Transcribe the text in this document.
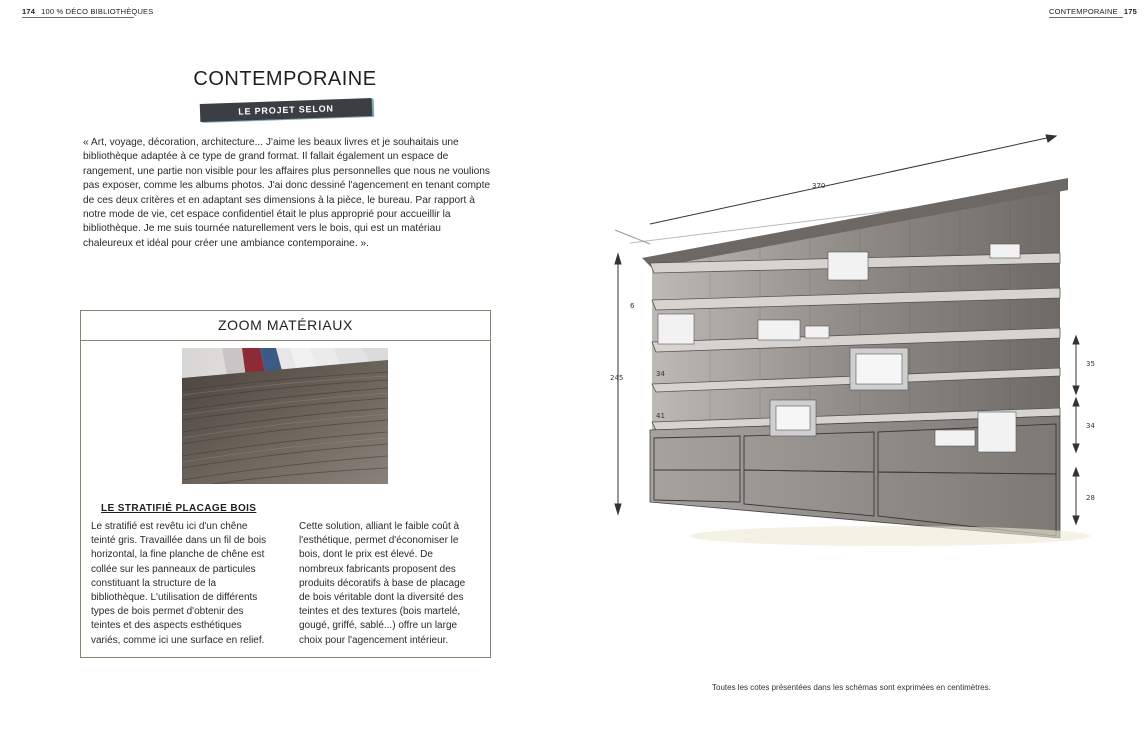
174 100 % DÉCO BIBLIOTHÈQUES	CONTEMPORAINE 175
CONTEMPORAINE
LE PROJET SELON FRÉDÉRIQUE...
« Art, voyage, décoration, architecture... J'aime les beaux livres et je souhaitais une bibliothèque adaptée à ce type de grand format. Il fallait également un espace de rangement, une partie non visible pour les affaires plus personnelles que nous ne voulions pas exposer, comme les albums photos. J'ai donc dessiné l'agencement en tenant compte de ces deux critères et en adaptant ses dimensions à la pièce, le bureau. Par rapport à notre mode de vie, cet espace confidentiel était le plus approprié pour accueillir la bibliothèque. Je me suis tournée naturellement vers le bois, qui est un matériau chaleureux et idéal pour créer une ambiance contemporaine. ».
ZOOM MATÉRIAUX
LE STRATIFIÉ PLACAGE BOIS
Le stratifié est revêtu ici d'un chêne teinté gris. Travaillée dans un fil de bois horizontal, la fine planche de chêne est collée sur les panneaux de particules constituant la structure de la bibliothèque. L'utilisation de différents types de bois permet d'obtenir des teintes et des aspects esthétiques variés, comme ici une surface en relief.
Cette solution, alliant le faible coût à l'esthétique, permet d'économiser le bois, dont le prix est élevé. De nombreux fabricants proposent des produits décoratifs à base de placage de bois véritable dont la diversité des teintes et des textures (bois martelé, gougé, griffé, sablé...) offre un large choix pour l'agencement intérieur.
370
245
6
34
41
35
34
28
Toutes les cotes présentées dans les schémas sont exprimées en centimètres.
